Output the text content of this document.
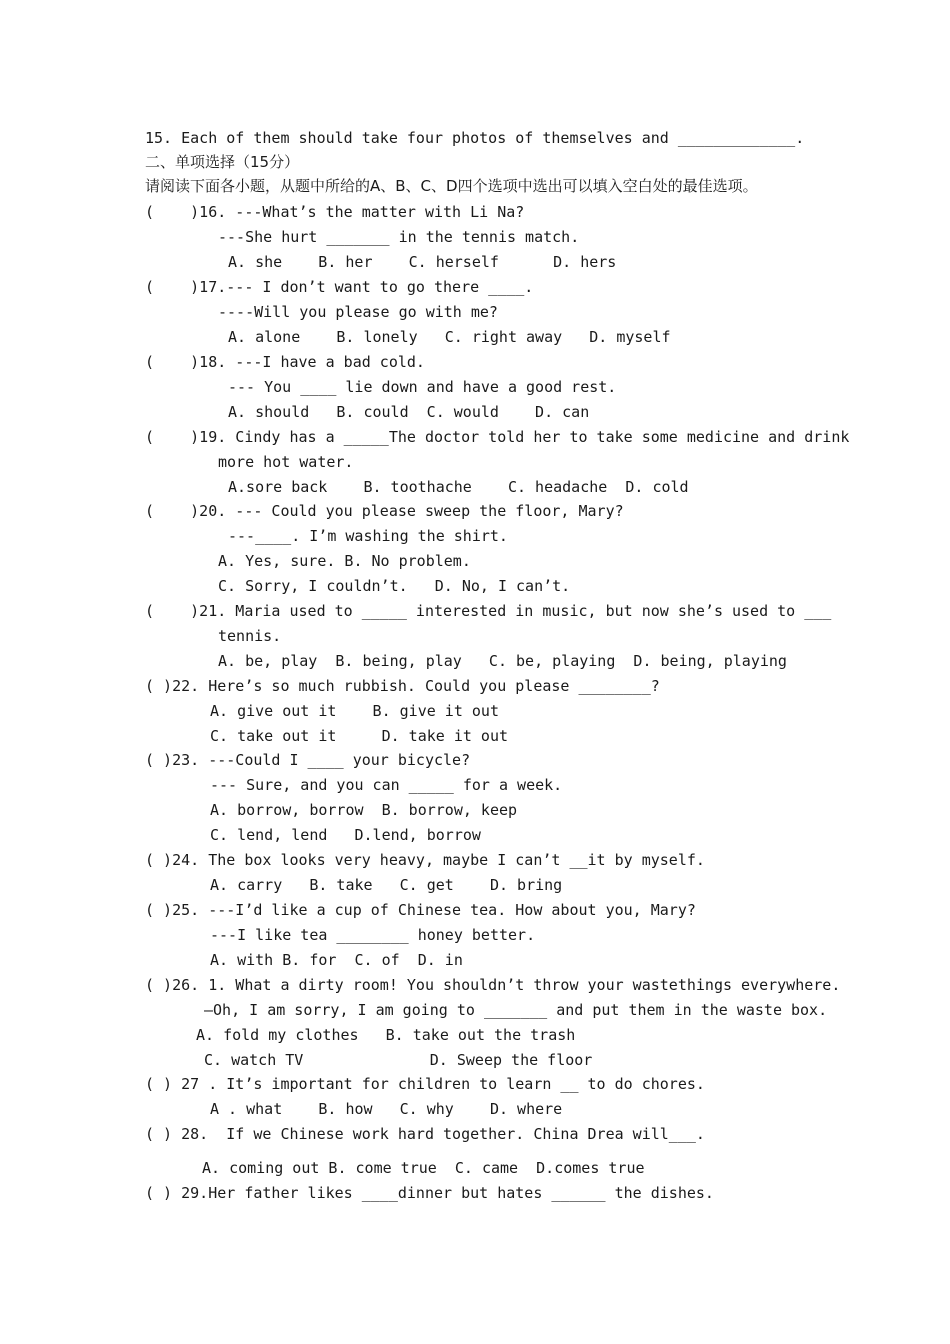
15. Each of them should take four photos of themselves and _____________.
二、单项选择（15分）
请阅读下面各小题，从题中所给的A、B、C、D四个选项中选出可以填入空白处的最佳选项。
(    )16. ---What’s the matter with Li Na?
---She hurt _______ in the tennis match.
A. she    B. her    C. herself      D. hers
(    )17.--- I don’t want to go there ____.
----Will you please go with me?
A. alone    B. lonely   C. right away   D. myself
(    )18. ---I have a bad cold.
--- You ____ lie down and have a good rest.
A. should   B. could  C. would    D. can
(    )19. Cindy has a _____The doctor told her to take some medicine and drink
more hot water.
A.sore back    B. toothache    C. headache  D. cold
(    )20. --- Could you please sweep the floor, Mary?
---____. I’m washing the shirt.
A. Yes, sure. B. No problem.
C. Sorry, I couldn’t.   D. No, I can’t.
(    )21. Maria used to _____ interested in music, but now she’s used to ___
tennis.
A. be, play  B. being, play   C. be, playing  D. being, playing
( )22. Here’s so much rubbish. Could you please ________?
A. give out it    B. give it out
C. take out it     D. take it out
( )23. ---Could I ____ your bicycle?
--- Sure, and you can _____ for a week.
A. borrow, borrow  B. borrow, keep
C. lend, lend   D.lend, borrow
( )24. The box looks very heavy, maybe I can’t __it by myself.
A. carry   B. take   C. get    D. bring
( )25. ---I’d like a cup of Chinese tea. How about you, Mary?
---I like tea ________ honey better.
A. with B. for  C. of  D. in
( )26. 1. What a dirty room! You shouldn’t throw your wastethings everywhere.
—Oh, I am sorry, I am going to _______ and put them in the waste box.
A. fold my clothes   B. take out the trash
C. watch TV              D. Sweep the floor
( ) 27 . It’s important for children to learn __ to do chores.
A . what    B. how   C. why    D. where
( ) 28.  If we Chinese work hard together. China Drea will___.
A. coming out B. come true  C. came  D.comes true
( ) 29.Her father likes ____dinner but hates ______ the dishes.
